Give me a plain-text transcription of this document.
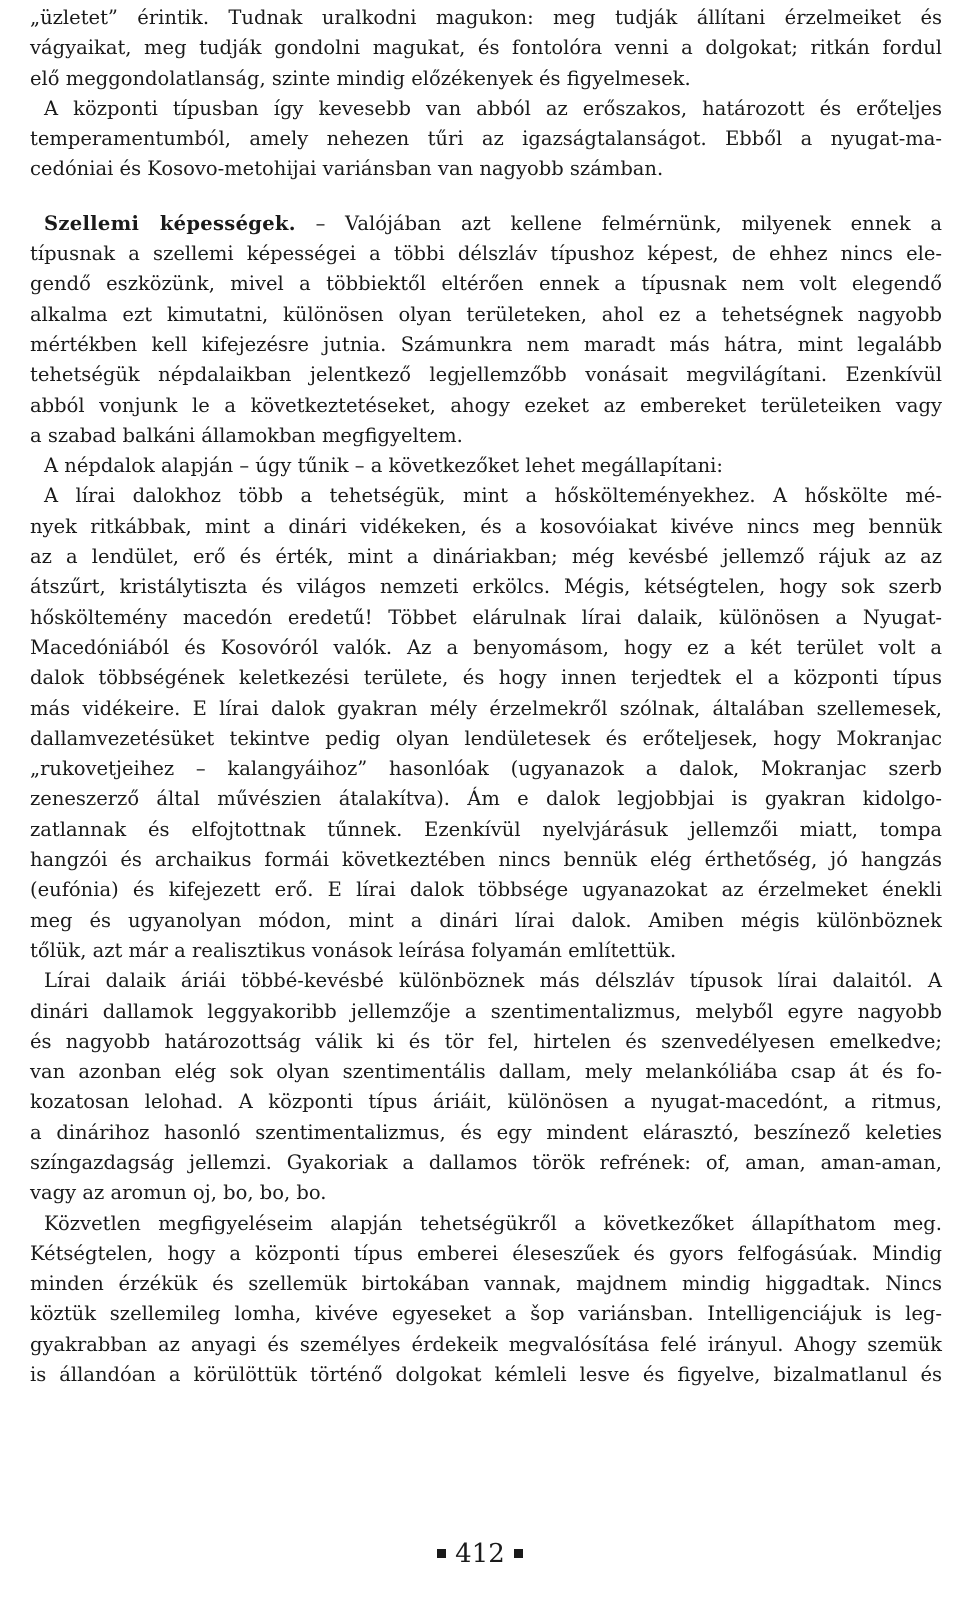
„üzletet” érintik. Tudnak uralkodni magukon: meg tudják állítani érzelmeiket és
vágyaikat, meg tudják gondolni magukat, és fontolóra venni a dolgokat; ritkán fordul
elő meggondolatlanság, szinte mindig előzékenyek és figyelmesek.
A központi típusban így kevesebb van abból az erőszakos, határozott és erőteljes
temperamentumból, amely nehezen tűri az igazságtalanságot. Ebből a nyugat-ma-
cedóniai és Kosovo-metohijai variánsban van nagyobb számban.
Szellemi képességek. – Valójában azt kellene felmérnünk, milyenek ennek a
típusnak a szellemi képességei a többi délszláv típushoz képest, de ehhez nincs ele-
gendő eszközünk, mivel a többiektől eltérően ennek a típusnak nem volt elegendő
alkalma ezt kimutatni, különösen olyan területeken, ahol ez a tehetségnek nagyobb
mértékben kell kifejezésre jutnia. Számunkra nem maradt más hátra, mint legalább
tehetségük népdalaikban jelentkező legjellemzőbb vonásait megvilágítani. Ezenkívül
abból vonjunk le a következtetéseket, ahogy ezeket az embereket területeiken vagy
a szabad balkáni államokban megfigyeltem.
A népdalok alapján – úgy tűnik – a következőket lehet megállapítani:
A lírai dalokhoz több a tehetségük, mint a hőskölteményekhez. A hőskölte mé-
nyek ritkábbak, mint a dinári vidékeken, és a kosovóiakat kivéve nincs meg bennük
az a lendület, erő és érték, mint a dináriakban; még kevésbé jellemző rájuk az az
átszűrt, kristálytiszta és világos nemzeti erkölcs. Mégis, kétségtelen, hogy sok szerb
hősköltemény macedón eredetű! Többet elárulnak lírai dalaik, különösen a Nyugat-
Macedóniából és Kosovóról valók. Az a benyomásom, hogy ez a két terület volt a
dalok többségének keletkezési területe, és hogy innen terjedtek el a központi típus
más vidékeire. E lírai dalok gyakran mély érzelmekről szólnak, általában szellemesek,
dallamvezetésüket tekintve pedig olyan lendületesek és erőteljesek, hogy Mokranjac
„rukovetjeihez – kalangyáihoz” hasonlóak (ugyanazok a dalok, Mokranjac szerb
zeneszerző által művészien átalakítva). Ám e dalok legjobbjai is gyakran kidolgo-
zatlannak és elfojtottnak tűnnek. Ezenkívül nyelvjárásuk jellemzői miatt, tompa
hangzói és archaikus formái következtében nincs bennük elég érthetőség, jó hangzás
(eufónia) és kifejezett erő. E lírai dalok többsége ugyanazokat az érzelmeket énekli
meg és ugyanolyan módon, mint a dinári lírai dalok. Amiben mégis különböznek
tőlük, azt már a realisztikus vonások leírása folyamán említettük.
Lírai dalaik áriái többé-kevésbé különböznek más délszláv típusok lírai dalaitól. A
dinári dallamok leggyakoribb jellemzője a szentimentalizmus, melyből egyre nagyobb
és nagyobb határozottság válik ki és tör fel, hirtelen és szenvedélyesen emelkedve;
van azonban elég sok olyan szentimentális dallam, mely melankóliába csap át és fo-
kozatosan lelohad. A központi típus áriáit, különösen a nyugat-macedónt, a ritmus,
a dinárihoz hasonló szentimentalizmus, és egy mindent elárasztó, beszínező keleties
színgazdagság jellemzi. Gyakoriak a dallamos török refrének: of, aman, aman-aman,
vagy az aromun oj, bo, bo, bo.
Közvetlen megfigyeléseim alapján tehetségükről a következőket állapíthatom meg.
Kétségtelen, hogy a központi típus emberei éleseszűek és gyors felfogásúak. Mindig
minden érzékük és szellemük birtokában vannak, majdnem mindig higgadtak. Nincs
köztük szellemileg lomha, kivéve egyeseket a šop variánsban. Intelligenciájuk is leg-
gyakrabban az anyagi és személyes érdekeik megvalósítása felé irányul. Ahogy szemük
is állandóan a körülöttük történő dolgokat kémleli lesve és figyelve, bizalmatlanul és
412
